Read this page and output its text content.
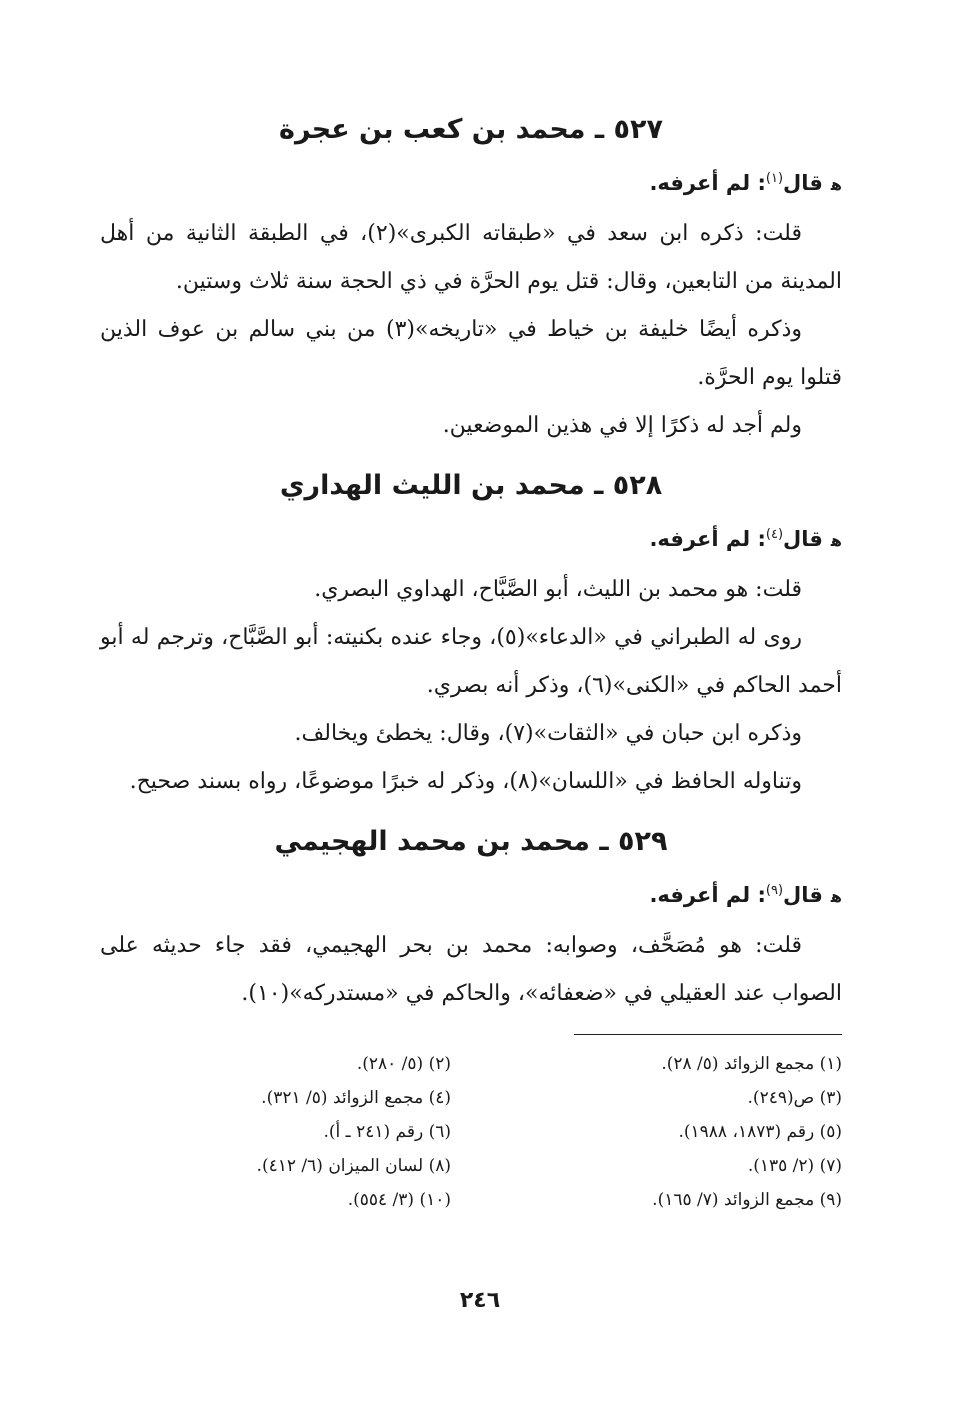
٥٢٧ ـ محمد بن كعب بن عجرة
ﻫقال$^{(١)}$: لم أعرفه.

قلت: ذكره ابن سعد في «طبقاته الكبرى»(٢)، في الطبقة الثانية من أهل المدينة من التابعين، وقال: قتل يوم الحرَّة في ذي الحجة سنة ثلاث وستين.

وذكره أيضًا خليفة بن خياط في «تاريخه»(٣) من بني سالم بن عوف الذين قتلوا يوم الحرَّة.

ولم أجد له ذكرًا إلا في هذين الموضعين.

٥٢٨ ـ محمد بن الليث الهداري
ﻫقال$^{(٤)}$: لم أعرفه.

قلت: هو محمد بن الليث، أبو الصَّبَّاح، الهداوي البصري.

روى له الطبراني في «الدعاء»(٥)، وجاء عنده بكنيته: أبو الصَّبَّاح، وترجم له أبو أحمد الحاكم في «الكنى»(٦)، وذكر أنه بصري.

وذكره ابن حبان في «الثقات»(٧)، وقال: يخطئ ويخالف.

وتناوله الحافظ في «اللسان»(٨)، وذكر له خبرًا موضوعًا، رواه بسند صحيح.

٥٢٩ ـ محمد بن محمد الهجيمي
ﻫقال$^{(٩)}$: لم أعرفه.

قلت: هو مُصَحَّف، وصوابه: محمد بن بحر الهجيمي، فقد جاء حديثه على الصواب عند العقيلي في «ضعفائه»، والحاكم في «مستدركه»(١٠).

(١) مجمع الزوائد (٥/ ٢٨).
(٢) (٥/ ٢٨٠).
(٣) ص(٢٤٩).
(٤) مجمع الزوائد (٥/ ٣٢١).
(٥) رقم (١٨٧٣، ١٩٨٨).
(٦) رقم (٢٤١ ـ أ).
(٧) (٢/ ١٣٥).
(٨) لسان الميزان (٦/ ٤١٢).
(٩) مجمع الزوائد (٧/ ١٦٥).
(١٠) (٣/ ٥٥٤).
٢٤٦
